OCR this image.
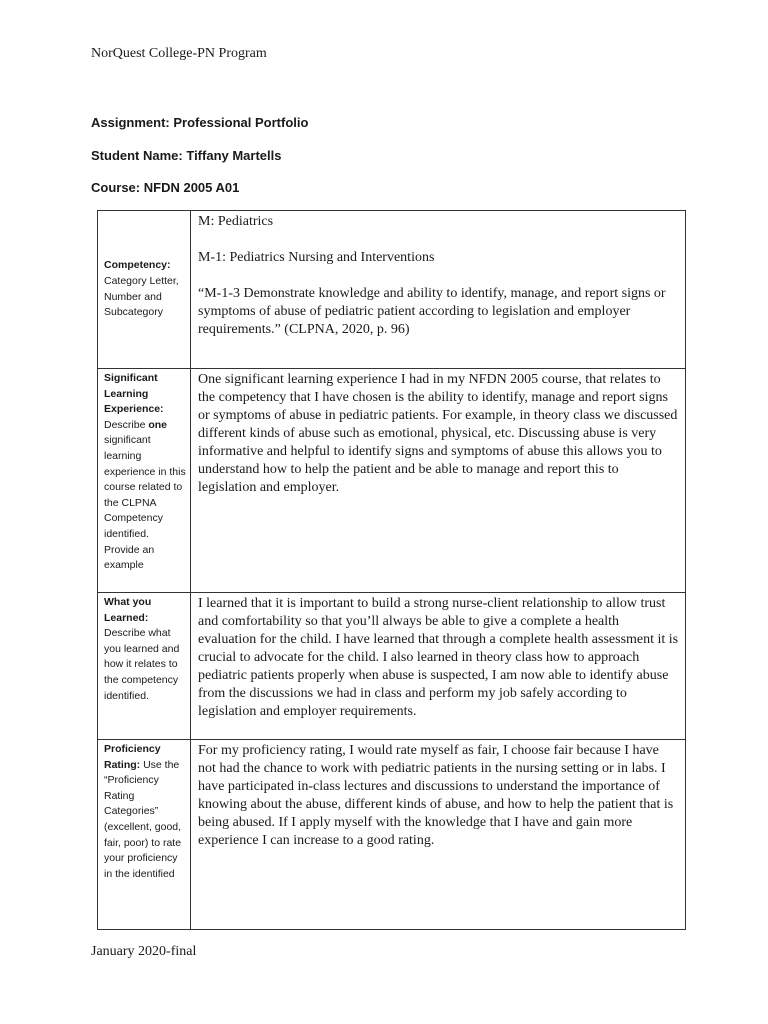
NorQuest College-PN Program
Assignment: Professional Portfolio
Student Name: Tiffany Martells
Course: NFDN 2005 A01
Competency: Category Letter, Number and Subcategory	M: Pediatrics

M-1: Pediatrics Nursing and Interventions

“M-1-3 Demonstrate knowledge and ability to identify, manage, and report signs or symptoms of abuse of pediatric patient according to legislation and employer requirements.” (CLPNA, 2020, p. 96)

Significant Learning Experience: Describe one significant learning experience in this course related to the CLPNA Competency identified. Provide an example	One significant learning experience I had in my NFDN 2005 course, that relates to the competency that I have chosen is the ability to identify, manage and report signs or symptoms of abuse in pediatric patients. For example, in theory class we discussed different kinds of abuse such as emotional, physical, etc. Discussing abuse is very informative and helpful to identify signs and symptoms of abuse this allows you to understand how to help the patient and be able to manage and report this to legislation and employer.

What you Learned: Describe what you learned and how it relates to the competency identified.	I learned that it is important to build a strong nurse-client relationship to allow trust and comfortability so that you’ll always be able to give a complete a health evaluation for the child. I have learned that through a complete health assessment it is crucial to advocate for the child. I also learned in theory class how to approach pediatric patients properly when abuse is suspected, I am now able to identify abuse from the discussions we had in class and perform my job safely according to legislation and employer requirements.

Proficiency Rating: Use the “Proficiency Rating Categories” (excellent, good, fair, poor) to rate your proficiency in the identified	For my proficiency rating, I would rate myself as fair, I choose fair because I have not had the chance to work with pediatric patients in the nursing setting or in labs. I have participated in-class lectures and discussions to understand the importance of knowing about the abuse, different kinds of abuse, and how to help the patient that is being abused. If I apply myself with the knowledge that I have and gain more experience I can increase to a good rating.

January 2020-final
